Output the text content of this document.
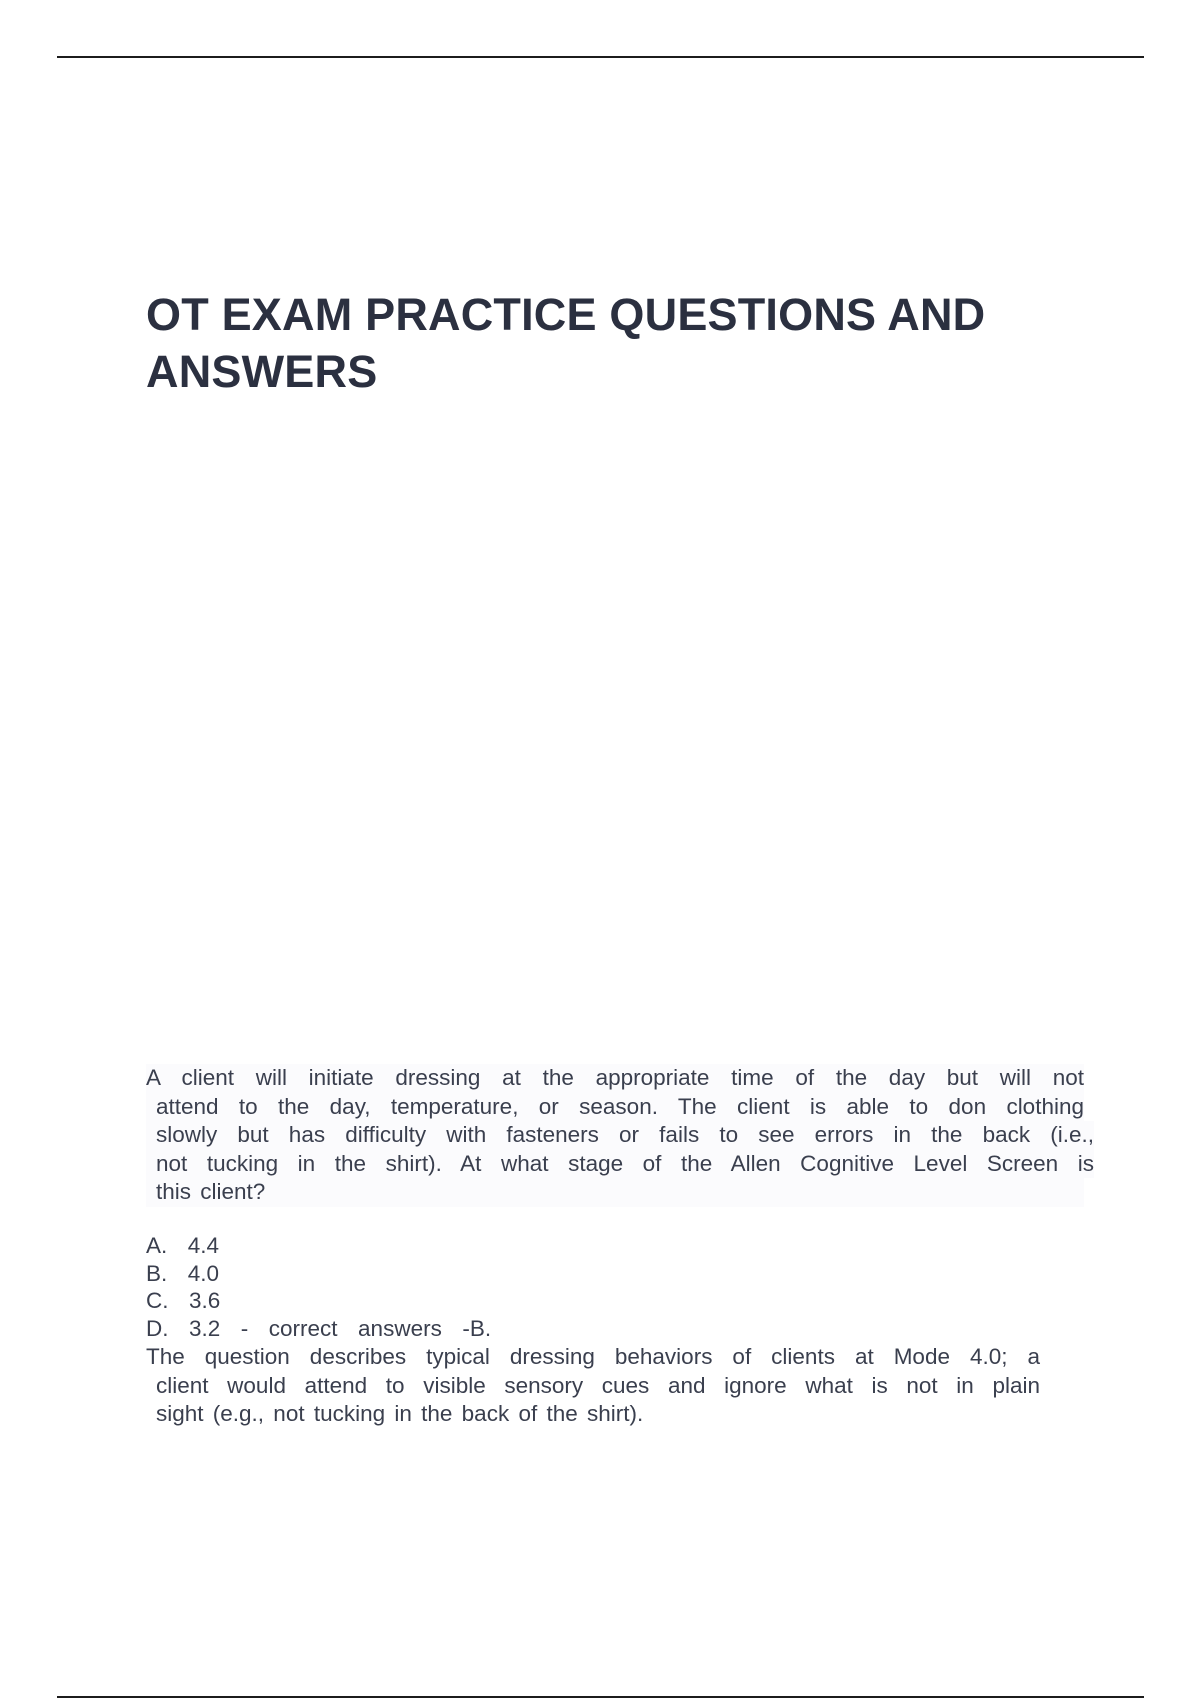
OT EXAM PRACTICE QUESTIONS AND
ANSWERS
A client will initiate dressing at the appropriate time of the day but will not
attend to the day, temperature, or season. The client is able to don clothing
slowly but has difficulty with fasteners or fails to see errors in the back (i.e.,
not tucking in the shirt). At what stage of the Allen Cognitive Level Screen is
this client?
A.  4.4
B.  4.0
C.  3.6
D.  3.2  -  correct  answers  -B.
The question describes typical dressing behaviors of clients at Mode 4.0; a
client would attend to visible sensory cues and ignore what is not in plain
sight (e.g., not tucking in the back of the shirt).
